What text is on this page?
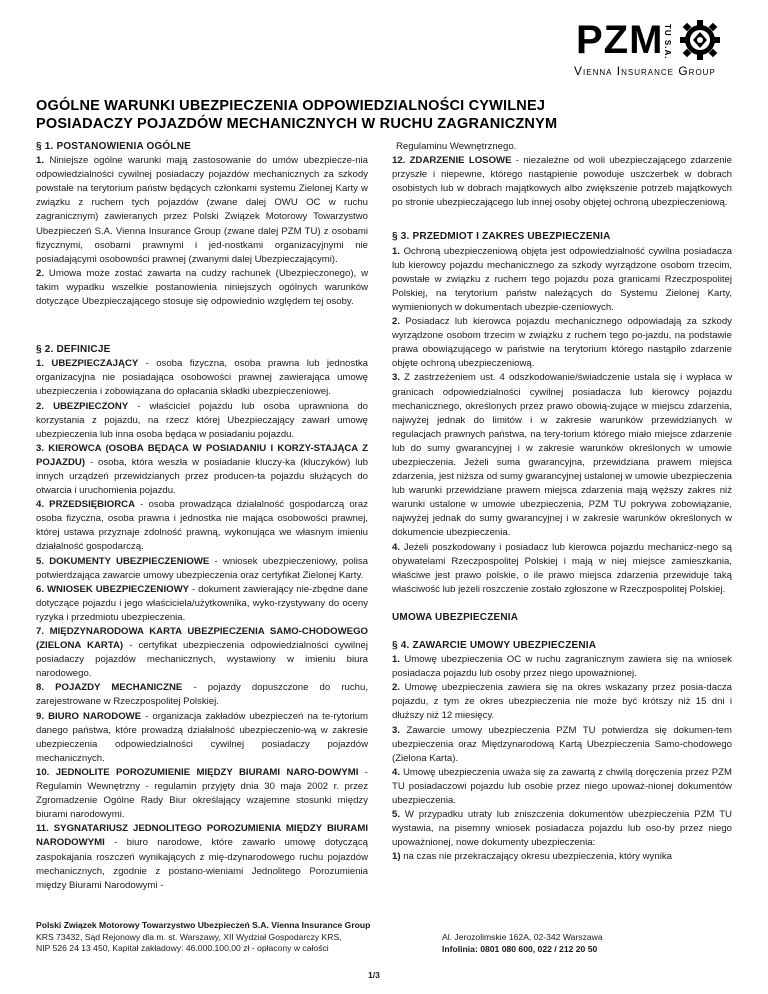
PZM TU S.A.
Vienna Insurance Group
OGÓLNE WARUNKI UBEZPIECZENIA ODPOWIEDZIALNOŚCI CYWILNEJ
POSIADACZY POJAZDÓW MECHANICZNYCH W RUCHU ZAGRANICZNYM

§ 1. POSTANOWIENIA OGÓLNE

1. Niniejsze ogólne warunki mają zastosowanie do umów ubezpiecze-nia odpowiedzialności cywilnej posiadaczy pojazdów mechanicznych za szkody powstałe na terytorium państw będących członkami systemu Zielonej Karty w związku z ruchem tych pojazdów (zwane dalej OWU OC w ruchu zagranicznym) zawieranych przez Polski Związek Motorowy Towarzystwo Ubezpieczeń S.A. Vienna Insurance Group (zwane dalej PZM TU) z osobami fizycznymi, osobami prawnymi i jed-nostkami organizacyjnymi nie posiadającymi osobowości prawnej (zwanymi dalej Ubezpieczającymi).

2. Umowa może zostać zawarta na cudzy rachunek (Ubezpieczonego), w takim wypadku wszelkie postanowienia niniejszych ogólnych warunków dotyczące Ubezpieczającego stosuje się odpowiednio względem tej osoby.

§ 2. DEFINICJE

1. UBEZPIECZAJĄCY - osoba fizyczna, osoba prawna lub jednostka organizacyjna nie posiadająca osobowości prawnej zawierająca umowę ubezpieczenia i zobowiązana do opłacania składki ubezpieczeniowej.

2. UBEZPIECZONY - właściciel pojazdu lub osoba uprawniona do korzystania z pojazdu, na rzecz której Ubezpieczający zawarł umowę ubezpieczenia lub inna osoba będąca w posiadaniu pojazdu.

3. KIEROWCA (OSOBA BĘDĄCA W POSIADANIU I KORZY-STAJĄCA Z POJAZDU) - osoba, która weszła w posiadanie kluczy-ka (kluczyków) lub innych urządzeń przewidzianych przez producen-ta pojazdu służących do otwarcia i uruchomienia pojazdu.

4. PRZEDSIĘBIORCA - osoba prowadząca działalność gospodarczą oraz osoba fizyczna, osoba prawna i jednostka nie mająca osobowości prawnej, której ustawa przyznaje zdolność prawną, wykonująca we własnym imieniu działalność gospodarczą.

5. DOKUMENTY UBEZPIECZENIOWE - wniosek ubezpieczeniowy, polisa potwierdzająca zawarcie umowy ubezpieczenia oraz certyfikat Zielonej Karty.

6. WNIOSEK UBEZPIECZENIOWY - dokument zawierający nie-zbędne dane dotyczące pojazdu i jego właściciela/użytkownika, wyko-rzystywany do oceny ryzyka i przedmiotu ubezpieczenia.

7. MIĘDZYNARODOWA KARTA UBEZPIECZENIA SAMO-CHODOWEGO (ZIELONA KARTA) - certyfikat ubezpieczenia odpowiedzialności cywilnej posiadaczy pojazdów mechanicznych, wystawiony w imieniu biura narodowego.

8. POJAZDY MECHANICZNE - pojazdy dopuszczone do ruchu, zarejestrowane w Rzeczpospolitej Polskiej.

9. BIURO NARODOWE - organizacja zakładów ubezpieczeń na te-rytorium danego państwa, które prowadzą działalność ubezpieczenio-wą w zakresie ubezpieczenia odpowiedzialności cywilnej posiadaczy pojazdów mechanicznych.

10. JEDNOLITE POROZUMIENIE MIĘDZY BIURAMI NARO-DOWYMI - Regulamin Wewnętrzny - regulamin przyjęty dnia 30 maja 2002 r. przez Zgromadzenie Ogólne Rady Biur określający wzajemne stosunki między biurami narodowymi.

11. SYGNATARIUSZ JEDNOLITEGO POROZUMIENIA MIĘDZY BIURAMI NARODOWYMI - biuro narodowe, które zawarło umowę dotyczącą zaspokajania roszczeń wynikających z mię-dzynarodowego ruchu pojazdów mechanicznych, zgodnie z postano-wieniami Jednolitego Porozumienia między Biurami Narodowymi -

Regulaminu Wewnętrznego.

12. ZDARZENIE LOSOWE - niezależne od woli ubezpieczającego zdarzenie przyszłe i niepewne, którego nastąpienie powoduje uszczerbek w dobrach osobistych lub w dobrach majątkowych albo zwiększenie potrzeb majątkowych po stronie ubezpieczającego lub innej osoby objętej ochroną ubezpieczeniową.

§ 3. PRZEDMIOT I ZAKRES UBEZPIECZENIA

1. Ochroną ubezpieczeniową objęta jest odpowiedzialność cywilna posiadacza lub kierowcy pojazdu mechanicznego za szkody wyrządzone osobom trzecim, powstałe w związku z ruchem tego pojazdu poza granicami Rzeczpospolitej Polskiej, na terytorium państw należących do Systemu Zielonej Karty, wymienionych w dokumentach ubezpie-czeniowych.

2. Posiadacz lub kierowca pojazdu mechanicznego odpowiadają za szkody wyrządzone osobom trzecim w związku z ruchem tego po-jazdu, na podstawie prawa obowiązującego w państwie na terytorium którego nastąpiło zdarzenie objęte ochroną ubezpieczeniową.

3. Z zastrzeżeniem ust. 4 odszkodowanie/świadczenie ustala się i wypłaca w granicach odpowiedzialności cywilnej posiadacza lub kierowcy pojazdu mechanicznego, określonych przez prawo obowią-zujące w miejscu zdarzenia, najwyżej jednak do limitów i w zakresie warunków przewidzianych w regulacjach prawnych państwa, na tery-torium którego miało miejsce zdarzenie lub do sumy gwarancyjnej i w zakresie warunków określonych w umowie ubezpieczenia. Jeżeli suma gwarancyjna, przewidziana prawem miejsca zdarzenia, jest niższa od sumy gwarancyjnej ustalonej w umowie ubezpieczenia lub warunki przewidziane prawem miejsca zdarzenia mają węższy zakres niż warunki ustalone w umowie ubezpieczenia, PZM TU pokrywa zobowiązanie, najwyżej jednak do sumy gwarancyjnej i w zakresie warunków określonych w dokumencie ubezpieczenia.

4. Jeżeli poszkodowany i posiadacz lub kierowca pojazdu mechanicz-nego są obywatelami Rzeczpospolitej Polskiej i mają w niej miejsce zamieszkania, właściwe jest prawo polskie, o ile prawo miejsca zdarzenia przewiduje taką właściwość lub jeżeli roszczenie zostało zgłoszone w Rzeczpospolitej Polskiej.

UMOWA UBEZPIECZENIA

§ 4. ZAWARCIE UMOWY UBEZPIECZENIA

1. Umowę ubezpieczenia OC w ruchu zagranicznym zawiera się na wniosek posiadacza pojazdu lub osoby przez niego upoważnionej.

2. Umowę ubezpieczenia zawiera się na okres wskazany przez posia-dacza pojazdu, z tym że okres ubezpieczenia nie może być krótszy niż 15 dni i dłuższy niż 12 miesięcy.

3. Zawarcie umowy ubezpieczenia PZM TU potwierdza się dokumen-tem ubezpieczenia oraz Międzynarodową Kartą Ubezpieczenia Samo-chodowego (Zielona Karta).

4. Umowę ubezpieczenia uważa się za zawartą z chwilą doręczenia przez PZM TU posiadaczowi pojazdu lub osobie przez niego upoważ-nionej dokumentów ubezpieczenia.

5. W przypadku utraty lub zniszczenia dokumentów ubezpieczenia PZM TU wystawia, na pisemny wniosek posiadacza pojazdu lub oso-by przez niego upoważnionej, nowe dokumenty ubezpieczenia:

1) na czas nie przekraczający okresu ubezpieczenia, który wynika

Polski Związek Motorowy Towarzystwo Ubezpieczeń S.A. Vienna Insurance Group
KRS 73432, Sąd Rejonowy dla m. st. Warszawy, XII Wydział Gospodarczy KRS,
NIP 526 24 13 450, Kapitał zakładowy: 46.000.100,00 zł - opłacony w całości
Al. Jerozolimskie 162A, 02-342 Warszawa
Infolinia: 0801 080 600, 022 / 212 20 50
1/3
